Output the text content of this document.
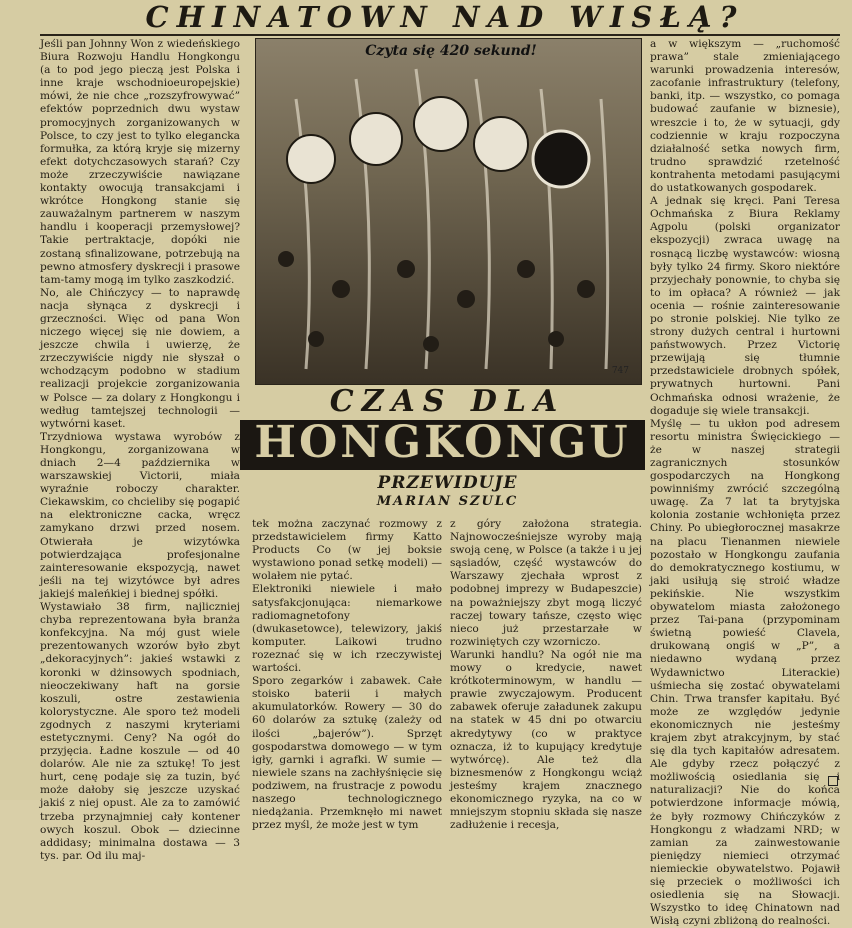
CHINATOWN NAD WISŁĄ?
Jeśli pan Johnny Won z wiedeńskiego Biura Rozwoju Handlu Hongkongu (a to pod jego pieczą jest Polska i inne kraje wschodnioeuropejskie) mówi, że nie chce „rozszyfrowywać” efektów poprzednich dwu wystaw promocyjnych zorganizowanych w Polsce, to czy jest to tylko elegancka formułka, za którą kryje się mizerny efekt dotychczasowych starań? Czy może zrzeczywiście nawiązane kontakty owocują transakcjami i wkrótce Hongkong stanie się zauważalnym partnerem w naszym handlu i kooperacji przemysłowej? Takie pertraktacje, dopóki nie zostaną sfinalizowane, potrzebują na pewno atmosfery dyskrecji i prasowe tam-tamy mogą im tylko zaszkodzić.
No, ale Chińczycy — to naprawdę nacja słynąca z dyskrecji i grzeczności. Więc od pana Won niczego więcej się nie dowiem, a jeszcze chwila i uwierzę, że zrzeczywiście nigdy nie słyszał o wchodzącym podobno w stadium realizacji projekcie zorganizowania w Polsce — za dolary z Hongkongu i według tamtejszej technologii — wytwórni kaset.
Trzydniowa wystawa wyrobów z Hongkongu, zorganizowana w dniach 2—4 października w warszawskiej Victorii, miała wyraźnie roboczy charakter. Ciekawskim, co chcieliby się pogapić na elektroniczne cacka, wręcz zamykano drzwi przed nosem. Otwierała je wizytówka potwierdzająca profesjonalne zainteresowanie ekspozycją, nawet jeśli na tej wizytówce był adres jakiejś maleńkiej i biednej spółki.
Wystawiało 38 firm, najliczniej chyba reprezentowana była branża konfekcyjna. Na mój gust wiele prezentowanych wzorów było zbyt „dekoracyjnych”: jakieś wstawki z koronki w dżinsowych spodniach, nieoczekiwany haft na gorsie koszuli, ostre zestawienia kolorystyczne. Ale sporo też modeli zgodnych z naszymi kryteriami estetycznymi. Ceny? Na ogół do przyjęcia. Ładne koszule — od 40 dolarów. Ale nie za sztukę! To jest hurt, cenę podaje się za tuzin, być może dałoby się jeszcze uzyskać jakiś z niej opust. Ale za to zamówić trzeba przynajmniej cały kontener owych koszul. Obok — dziecinne addidasy; minimalna dostawa — 3 tys. par. Od ilu maj-
Czyta się 420 sekund!
747
CZAS DLA
HONGKONGU
PRZEWIDUJE
MARIAN SZULC
tek można zaczynać rozmowy z przedstawicielem firmy Katto Products Co (w jej boksie wystawiono ponad setkę modeli) — wolałem nie pytać.
Elektroniki niewiele i mało satysfakcjonująca: niemarkowe radiomagnetofony (dwukasetowce), telewizory, jakiś komputer. Laikowi trudno rozeznać się w ich rzeczywistej wartości.
Sporo zegarków i zabawek. Całe stoisko baterii i małych akumulatorków. Rowery — 30 do 60 dolarów za sztukę (zależy od ilości „bajerów”). Sprzęt gospodarstwa domowego — w tym igły, garnki i agrafki. W sumie — niewiele szans na zachłyśnięcie się podziwem, na frustracje z powodu naszego technologicznego niedążania. Przemknęło mi nawet przez myśl, że może jest w tym
z góry założona strategia. Najnowocześniejsze wyroby mają swoją cenę, w Polsce (a także i u jej sąsiadów, część wystawców do Warszawy zjechała wprost z podobnej imprezy w Budapeszcie) na poważniejszy zbyt mogą liczyć raczej towary tańsze, często więc nieco już przestarzałe w rozwiniętych czy wzorniczo.
Warunki handlu? Na ogół nie ma mowy o kredycie, nawet krótkoterminowym, w handlu — prawie zwyczajowym. Producent zabawek oferuje załadunek zakupu na statek w 45 dni po otwarciu akredytywy (co w praktyce oznacza, iż to kupujący kredytuje wytwórcę). Ale też dla biznesmenów z Hongkongu wciąż jesteśmy krajem znacznego ekonomicznego ryzyka, na co w mniejszym stopniu składa się nasze zadłużenie i recesja,
a w większym — „ruchomość prawa” stale zmieniającego warunki prowadzenia interesów, zacofanie infrastruktury (telefony, banki, itp. — wszystko, co pomaga budować zaufanie w biznesie), wreszcie i to, że w sytuacji, gdy codziennie w kraju rozpoczyna działalność setka nowych firm, trudno sprawdzić rzetelność kontrahenta metodami pasującymi do ustatkowanych gospodarek.
A jednak się kręci. Pani Teresa Ochmańska z Biura Reklamy Agpolu (polski organizator ekspozycji) zwraca uwagę na rosnącą liczbę wystawców: wiosną były tylko 24 firmy. Skoro niektóre przyjechały ponownie, to chyba się to im opłaca? A również — jak ocenia — rośnie zainteresowanie po stronie polskiej. Nie tylko ze strony dużych central i hurtowni państwowych. Przez Victorię przewijają się tłumnie przedstawiciele drobnych spółek, prywatnych hurtowni. Pani Ochmańska odnosi wrażenie, że dogaduje się wiele transakcji.
Myślę — tu ukłon pod adresem resortu ministra Święcickiego — że w naszej strategii zagranicznych stosunków gospodarczych na Hongkong powinniśmy zwrócić szczególną uwagę. Za 7 lat ta brytyjska kolonia zostanie wchłonięta przez Chiny. Po ubiegłorocznej masakrze na placu Tienanmen niewiele pozostało w Hongkongu zaufania do demokratycznego kostiumu, w jaki usiłują się stroić władze pekińskie. Nie wszystkim obywatelom miasta założonego przez Tai-pana (przypominam świetną powieść Clavela, drukowaną ongiś w „P”, a niedawno wydaną przez Wydawnictwo Literackie) uśmiecha się zostać obywatelami Chin. Trwa transfer kapitału. Być może ze względów jedynie ekonomicznych nie jesteśmy krajem zbyt atrakcyjnym, by stać się dla tych kapitałów adresatem. Ale gdyby rzecz połączyć z możliwością osiedlania się i naturalizacji? Nie do końca potwierdzone informacje mówią, że były rozmowy Chińczyków z Hongkongu z władzami NRD; w zamian za zainwestowanie pieniędzy niemieci otrzymać niemieckie obywatelstwo. Pojawił się przeciek o możliwości ich osiedlenia się na Słowacji. Wszystko to ideę Chinatown nad Wisłą czyni zbliżoną do realności.
